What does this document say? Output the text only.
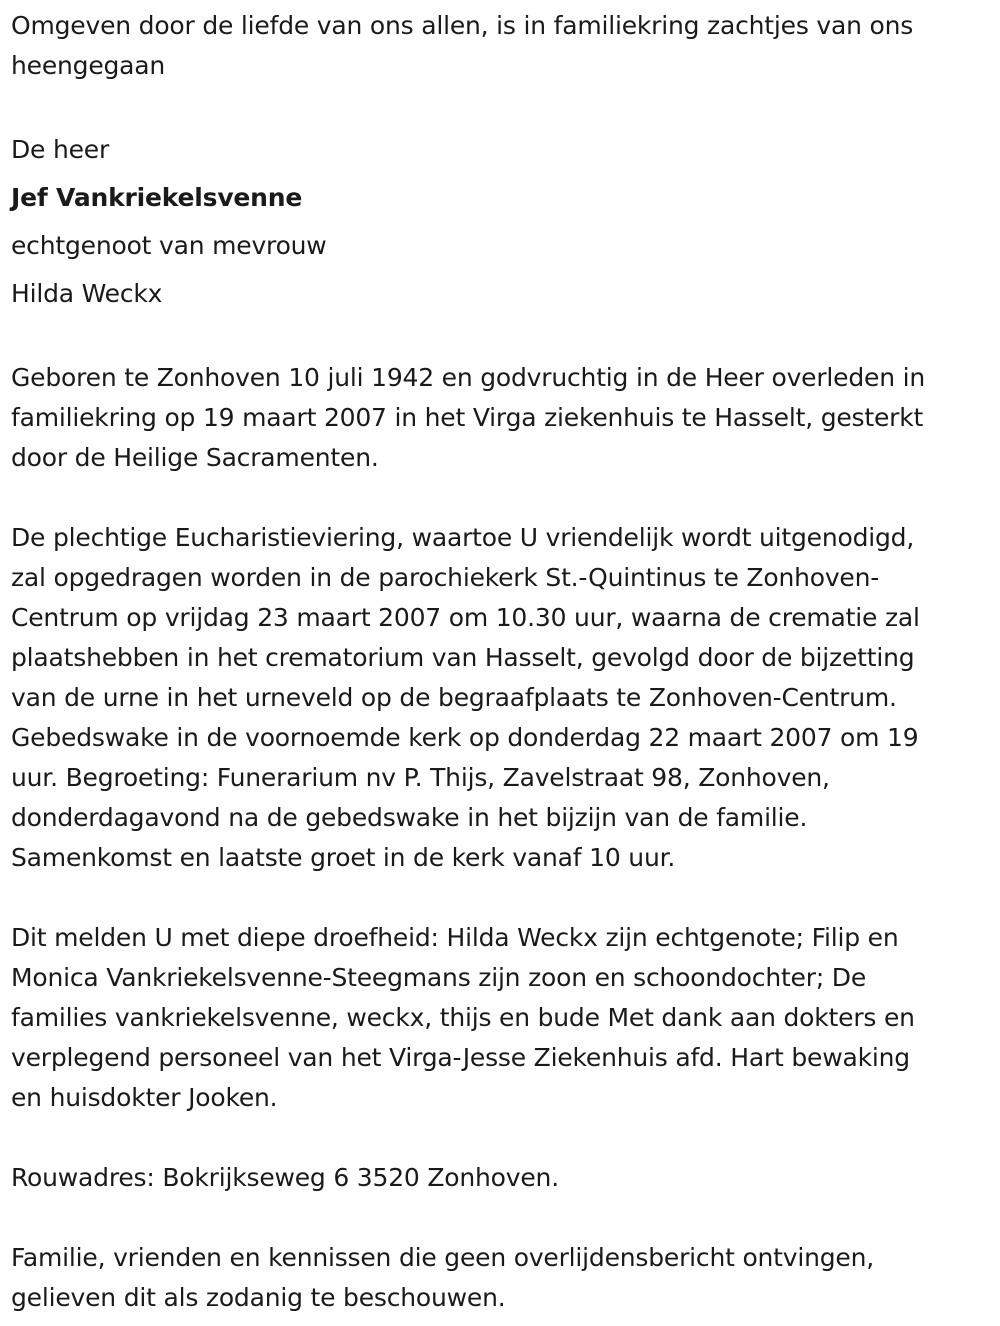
Omgeven door de liefde van ons allen, is in familiekring zachtjes van ons
heengegaan

De heer

Jef Vankriekelsvenne

echtgenoot van mevrouw

Hilda Weckx

Geboren te Zonhoven 10 juli 1942 en godvruchtig in de Heer overleden in
familiekring op 19 maart 2007 in het Virga ziekenhuis te Hasselt, gesterkt
door de Heilige Sacramenten.

De plechtige Eucharistieviering, waartoe U vriendelijk wordt uitgenodigd,
zal opgedragen worden in de parochiekerk St.-Quintinus te Zonhoven-
Centrum op vrijdag 23 maart 2007 om 10.30 uur, waarna de crematie zal
plaatshebben in het crematorium van Hasselt, gevolgd door de bijzetting
van de urne in het urneveld op de begraafplaats te Zonhoven-Centrum.
Gebedswake in de voornoemde kerk op donderdag 22 maart 2007 om 19
uur. Begroeting: Funerarium nv P. Thijs, Zavelstraat 98, Zonhoven,
donderdagavond na de gebedswake in het bijzijn van de familie.
Samenkomst en laatste groet in de kerk vanaf 10 uur.

Dit melden U met diepe droefheid: Hilda Weckx zijn echtgenote; Filip en
Monica Vankriekelsvenne-Steegmans zijn zoon en schoondochter; De
families vankriekelsvenne, weckx, thijs en bude Met dank aan dokters en
verplegend personeel van het Virga-Jesse Ziekenhuis afd. Hart bewaking
en huisdokter Jooken.

Rouwadres: Bokrijkseweg 6 3520 Zonhoven.

Familie, vrienden en kennissen die geen overlijdensbericht ontvingen,
gelieven dit als zodanig te beschouwen.
